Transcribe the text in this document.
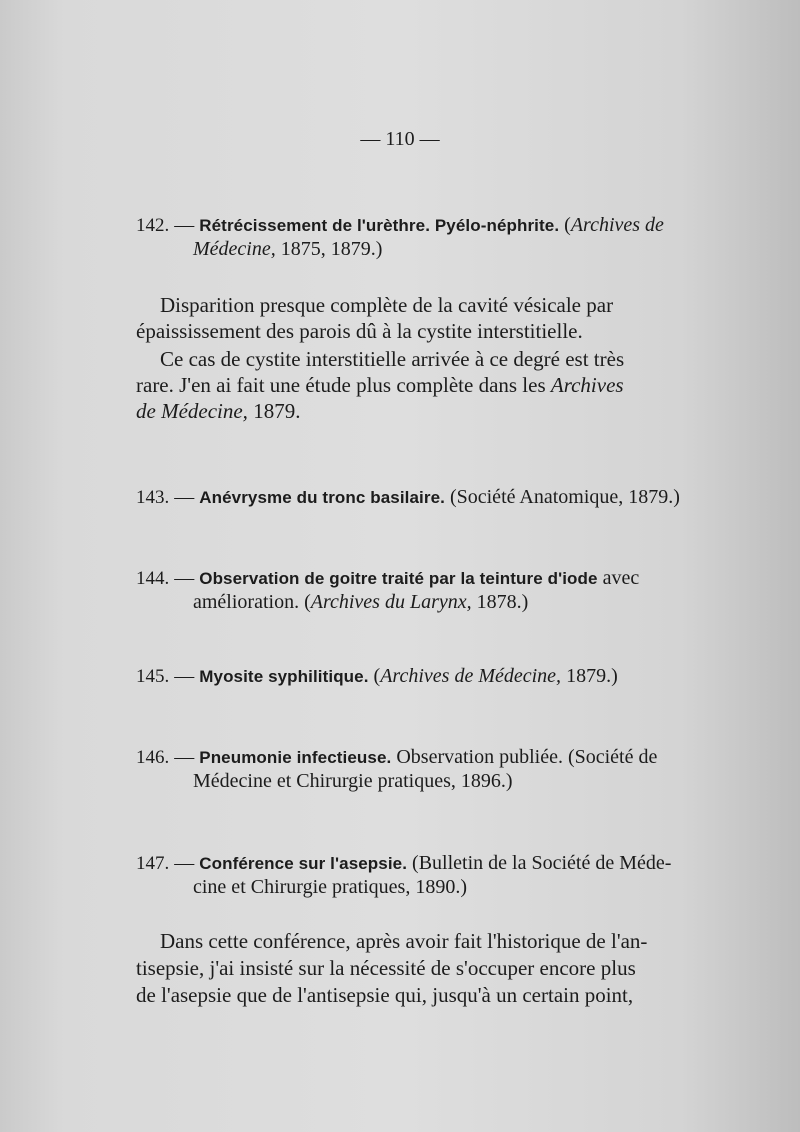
— 110 —
142. — Rétrécissement de l'urèthre. Pyélo-néphrite. (Archives de
Médecine, 1875, 1879.)
Disparition presque complète de la cavité vésicale par
épaississement des parois dû à la cystite interstitielle.
Ce cas de cystite interstitielle arrivée à ce degré est très
rare. J'en ai fait une étude plus complète dans les Archives
de Médecine, 1879.
143. — Anévrysme du tronc basilaire. (Société Anatomique, 1879.)
144. — Observation de goitre traité par la teinture d'iode avec
amélioration. (Archives du Larynx, 1878.)
145. — Myosite syphilitique. (Archives de Médecine, 1879.)
146. — Pneumonie infectieuse. Observation publiée. (Société de
Médecine et Chirurgie pratiques, 1896.)
147. — Conférence sur l'asepsie. (Bulletin de la Société de Méde-
cine et Chirurgie pratiques, 1890.)
Dans cette conférence, après avoir fait l'historique de l'an-
tisepsie, j'ai insisté sur la nécessité de s'occuper encore plus
de l'asepsie que de l'antisepsie qui, jusqu'à un certain point,
